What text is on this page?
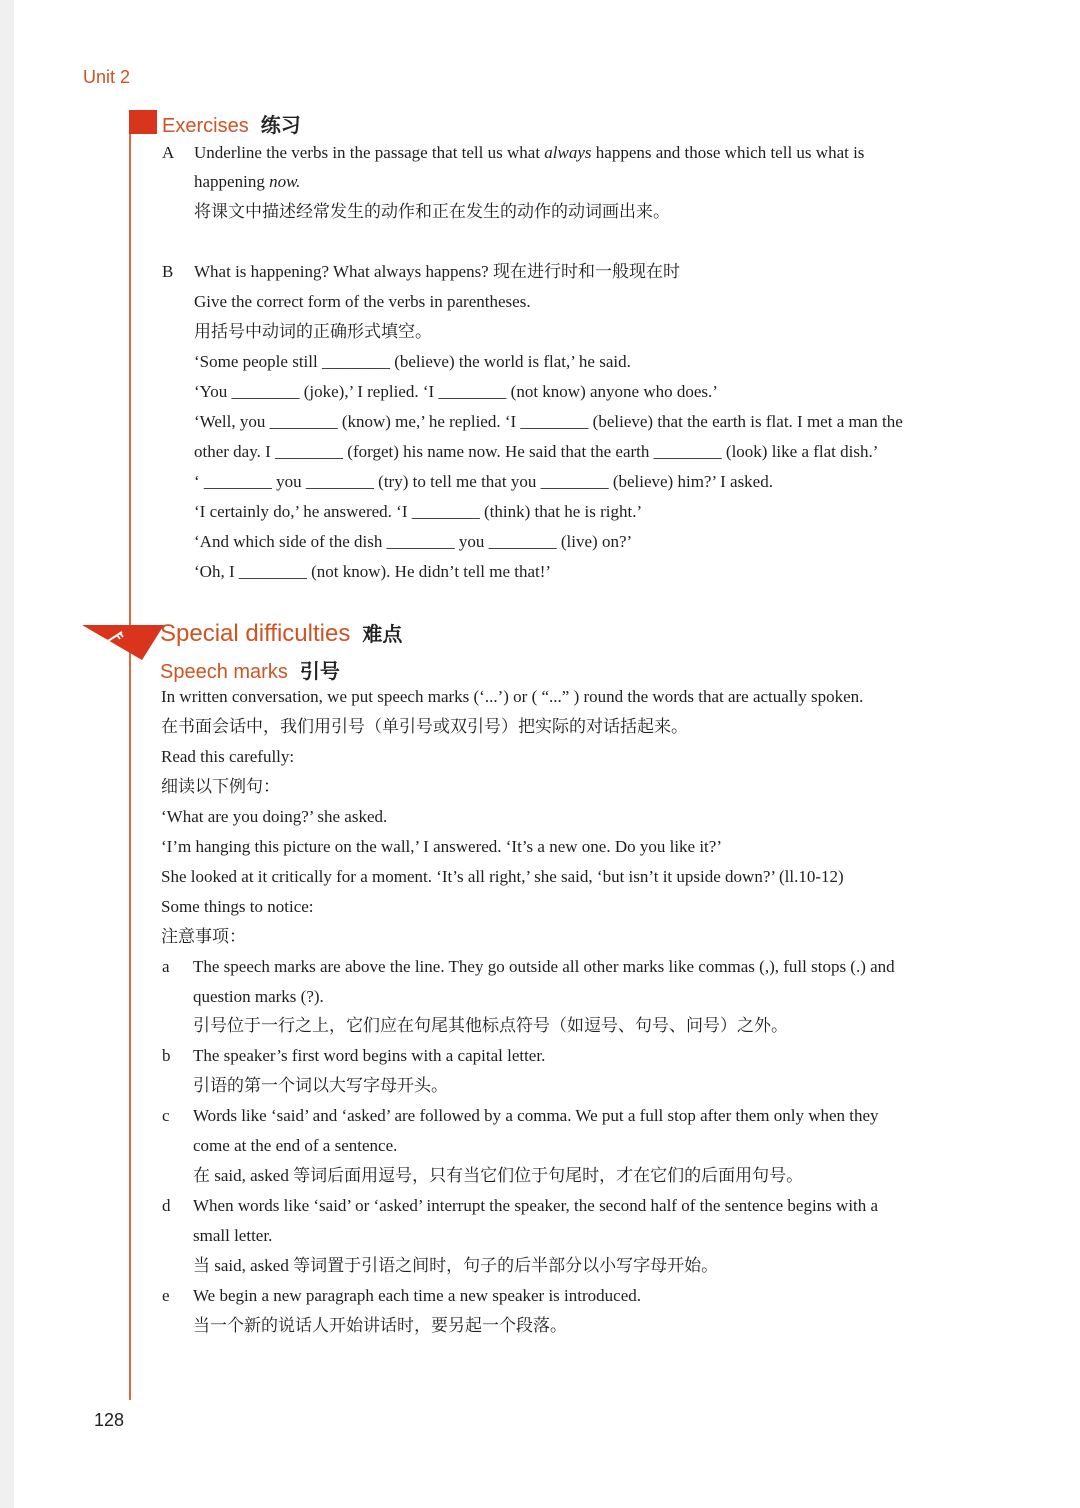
Unit 2
Exercises 练习
A Underline the verbs in the passage that tell us what always happens and those which tell us what is
happening now.
将课文中描述经常发生的动作和正在发生的动作的动词画出来。
B What is happening? What always happens? 现在进行时和一般现在时
Give the correct form of the verbs in parentheses.
用括号中动词的正确形式填空。
‘Some people still ________ (believe) the world is flat,’ he said.
‘You ________ (joke),’ I replied. ‘I ________ (not know) anyone who does.’
‘Well, you ________ (know) me,’ he replied. ‘I ________ (believe) that the earth is flat. I met a man the
other day. I ________ (forget) his name now. He said that the earth ________ (look) like a flat dish.’
‘ ________ you ________ (try) to tell me that you ________ (believe) him?’ I asked.
‘I certainly do,’ he answered. ‘I ________ (think) that he is right.’
‘And which side of the dish ________ you ________ (live) on?’
‘Oh, I ________ (not know). He didn’t tell me that!’
Special difficulties 难点
Speech marks 引号
In written conversation, we put speech marks (‘...’) or ( “...” ) round the words that are actually spoken.
在书面会话中，我们用引号（单引号或双引号）把实际的对话括起来。
Read this carefully:
细读以下例句：
‘What are you doing?’ she asked.
‘I’m hanging this picture on the wall,’ I answered. ‘It’s a new one. Do you like it?’
She looked at it critically for a moment. ‘It’s all right,’ she said, ‘but isn’t it upside down?’ (ll.10-12)
Some things to notice:
注意事项：
a The speech marks are above the line. They go outside all other marks like commas (,), full stops (.) and
question marks (?).
引号位于一行之上，它们应在句尾其他标点符号（如逗号、句号、问号）之外。
b The speaker’s first word begins with a capital letter.
引语的第一个词以大写字母开头。
c Words like ‘said’ and ‘asked’ are followed by a comma. We put a full stop after them only when they
come at the end of a sentence.
在 said, asked 等词后面用逗号，只有当它们位于句尾时，才在它们的后面用句号。
d When words like ‘said’ or ‘asked’ interrupt the speaker, the second half of the sentence begins with a
small letter.
当 said, asked 等词置于引语之间时，句子的后半部分以小写字母开始。
e We begin a new paragraph each time a new speaker is introduced.
当一个新的说话人开始讲话时，要另起一个段落。
128
